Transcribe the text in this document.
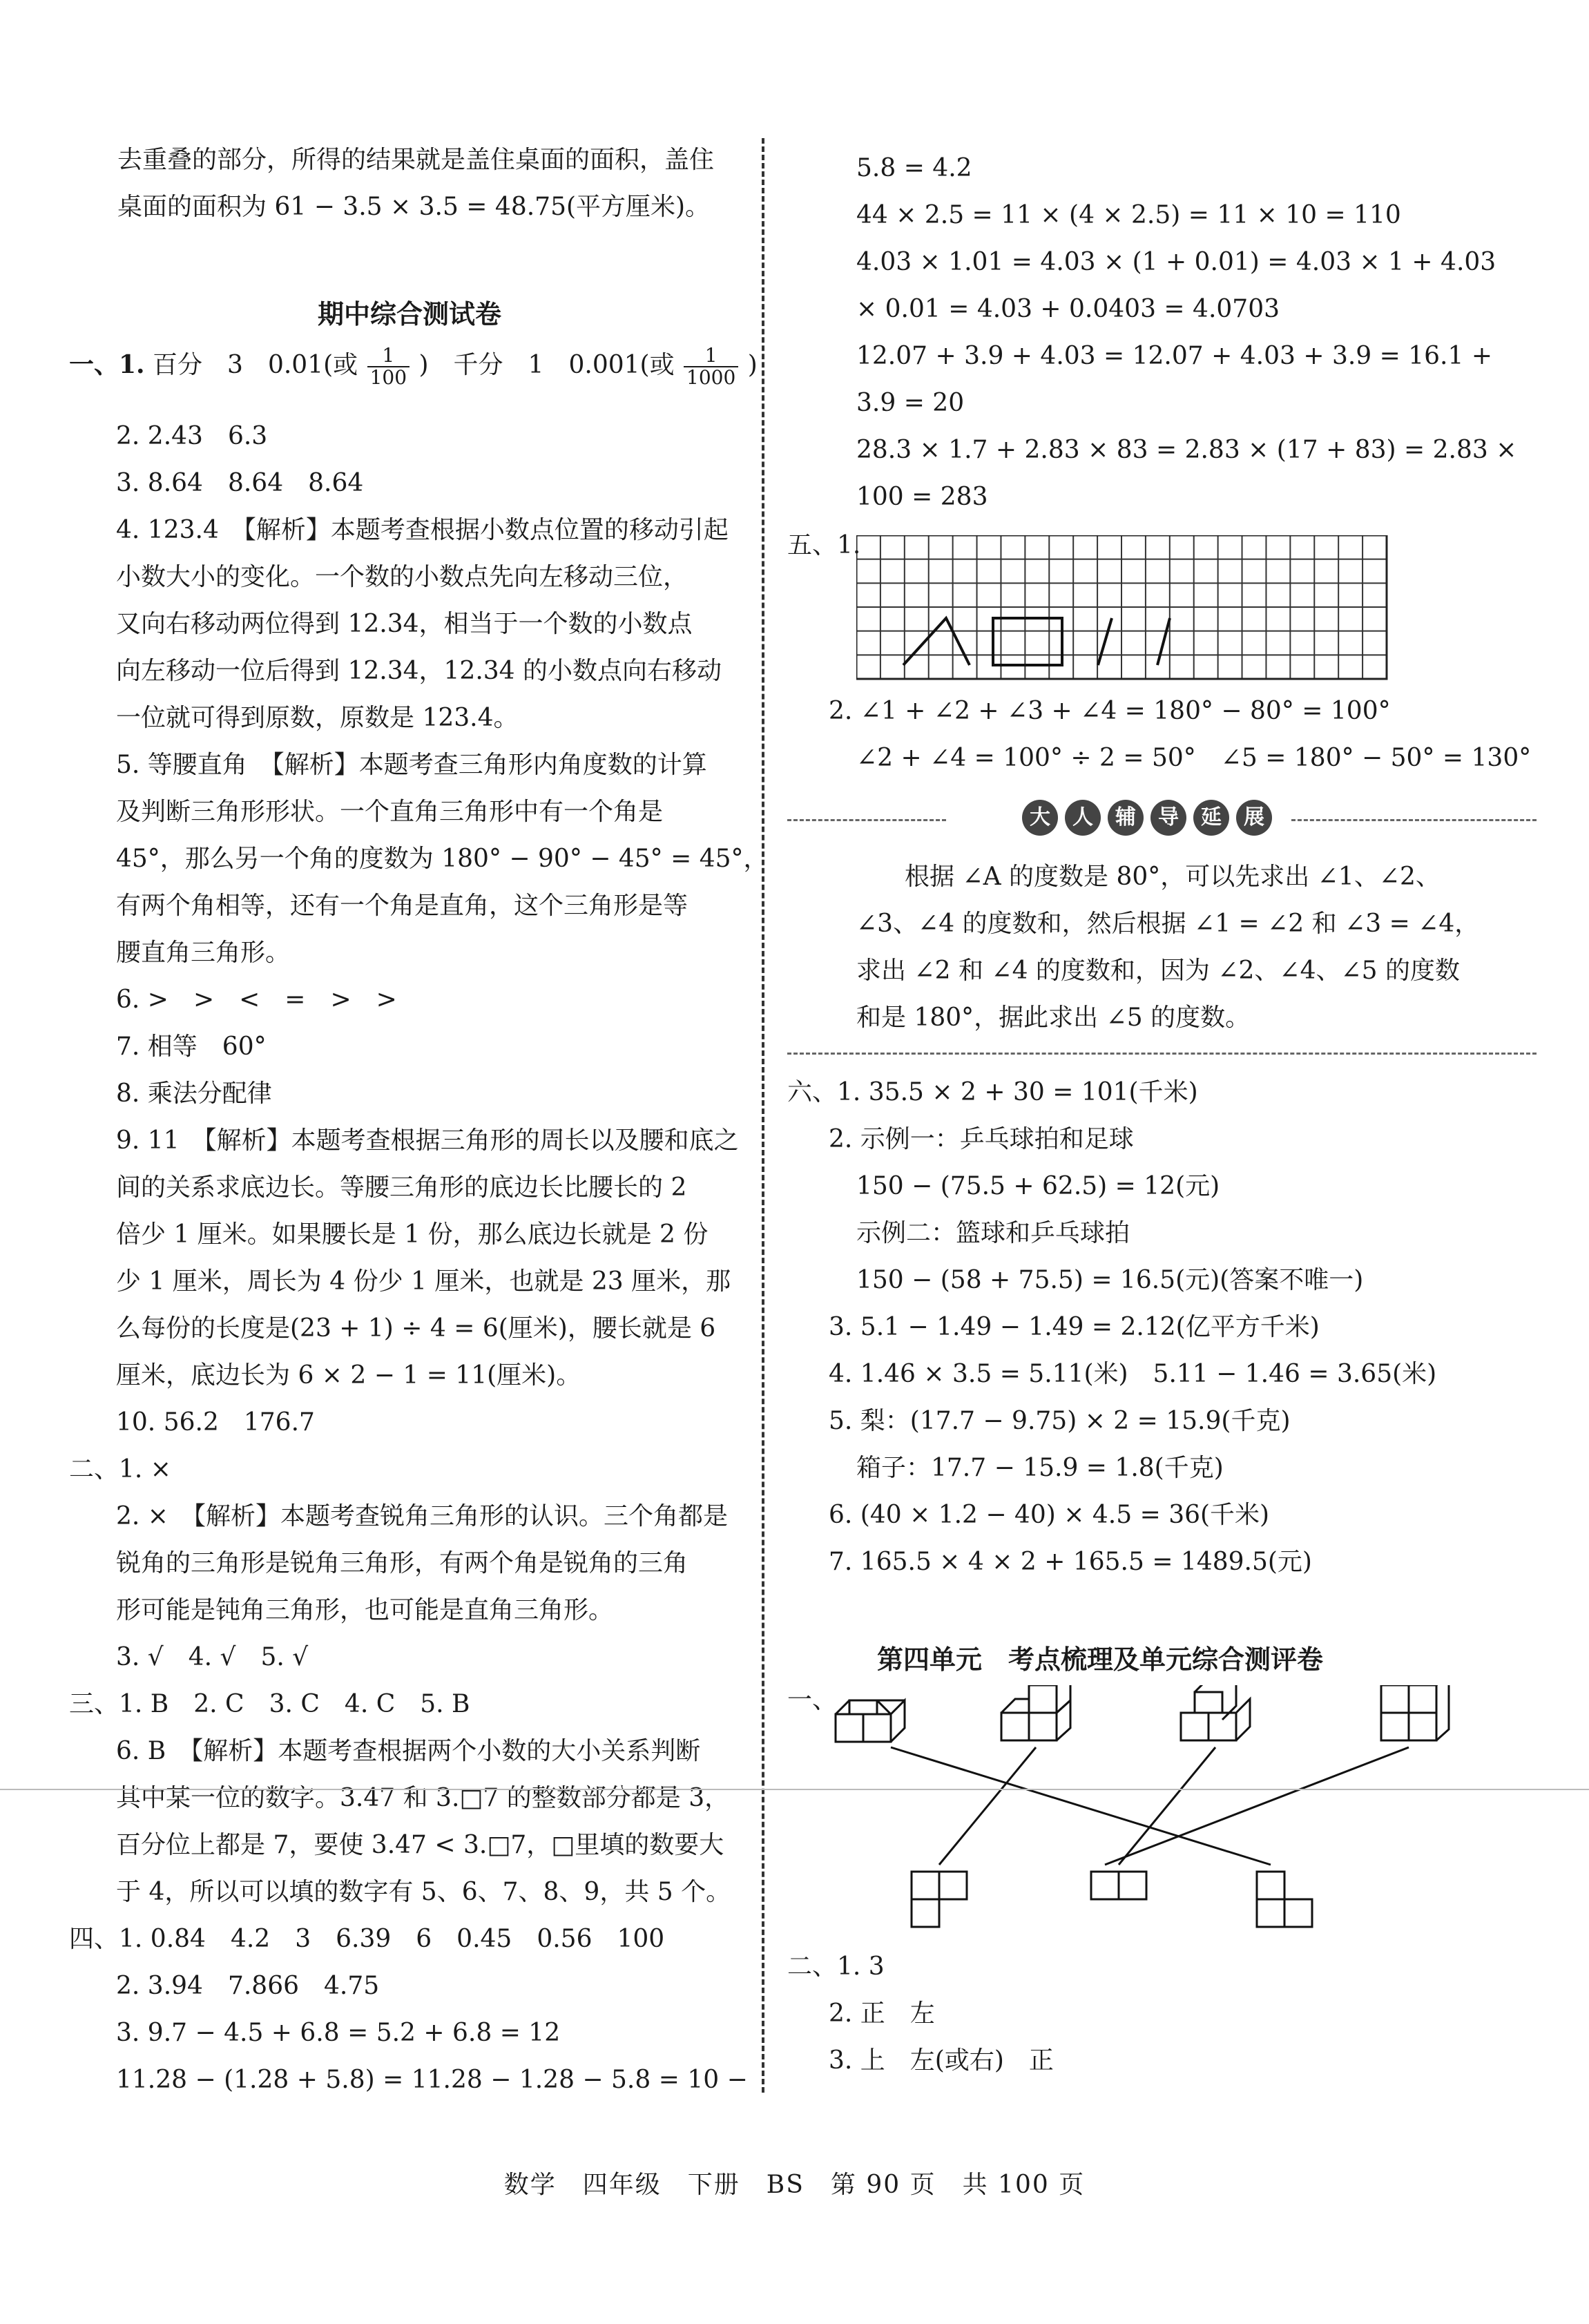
去重叠的部分，所得的结果就是盖住桌面的面积，盖住
桌面的面积为 61 − 3.5 × 3.5 = 48.75(平方厘米)。
期中综合测试卷
一、1. 百分　3　0.01(或 $\frac{1}{100}$ )　千分　1　0.001(或 $\frac{1}{1000}$ )
2. 2.43　6.3
3. 8.64　8.64　8.64
4. 123.4　【解析】本题考查根据小数点位置的移动引起
小数大小的变化。一个数的小数点先向左移动三位，
又向右移动两位得到 12.34，相当于一个数的小数点
向左移动一位后得到 12.34，12.34 的小数点向右移动
一位就可得到原数，原数是 123.4。
5. 等腰直角　【解析】本题考查三角形内角度数的计算
及判断三角形形状。一个直角三角形中有一个角是
45°，那么另一个角的度数为 180° − 90° − 45° = 45°，
有两个角相等，还有一个角是直角，这个三角形是等
腰直角三角形。
6. >　>　<　=　>　>
7. 相等　60°
8. 乘法分配律
9. 11　【解析】本题考查根据三角形的周长以及腰和底之
间的关系求底边长。等腰三角形的底边长比腰长的 2
倍少 1 厘米。如果腰长是 1 份，那么底边长就是 2 份
少 1 厘米，周长为 4 份少 1 厘米，也就是 23 厘米，那
么每份的长度是(23 + 1) ÷ 4 = 6(厘米)，腰长就是 6
厘米，底边长为 6 × 2 − 1 = 11(厘米)。
10. 56.2　176.7
二、1. ×
2. ×　【解析】本题考查锐角三角形的认识。三个角都是
锐角的三角形是锐角三角形，有两个角是锐角的三角
形可能是钝角三角形，也可能是直角三角形。
3. √　4. √　5. √
三、1. B　2. C　3. C　4. C　5. B
6. B　【解析】本题考查根据两个小数的大小关系判断
其中某一位的数字。3.47 和 3.□7 的整数部分都是 3，
百分位上都是 7，要使 3.47 < 3.□7，□里填的数要大
于 4，所以可以填的数字有 5、6、7、8、9，共 5 个。
四、1. 0.84　4.2　3　6.39　6　0.45　0.56　100
2. 3.94　7.866　4.75
3. 9.7 − 4.5 + 6.8 = 5.2 + 6.8 = 12
11.28 − (1.28 + 5.8) = 11.28 − 1.28 − 5.8 = 10 −
5.8 = 4.2
44 × 2.5 = 11 × (4 × 2.5) = 11 × 10 = 110
4.03 × 1.01 = 4.03 × (1 + 0.01) = 4.03 × 1 + 4.03
× 0.01 = 4.03 + 0.0403 = 4.0703
12.07 + 3.9 + 4.03 = 12.07 + 4.03 + 3.9 = 16.1 +
3.9 = 20
28.3 × 1.7 + 2.83 × 83 = 2.83 × (17 + 83) = 2.83 ×
100 = 283
五、1.
2. ∠1 + ∠2 + ∠3 + ∠4 = 180° − 80° = 100°
∠2 + ∠4 = 100° ÷ 2 = 50°　∠5 = 180° − 50° = 130°
大	人	辅	导	延	展
根据 ∠A 的度数是 80°，可以先求出 ∠1、∠2、
∠3、∠4 的度数和，然后根据 ∠1 = ∠2 和 ∠3 = ∠4，
求出 ∠2 和 ∠4 的度数和，因为 ∠2、∠4、∠5 的度数
和是 180°，据此求出 ∠5 的度数。
六、1. 35.5 × 2 + 30 = 101(千米)
2. 示例一：乒乓球拍和足球
150 − (75.5 + 62.5) = 12(元)
示例二：篮球和乒乓球拍
150 − (58 + 75.5) = 16.5(元)(答案不唯一)
3. 5.1 − 1.49 − 1.49 = 2.12(亿平方千米)
4. 1.46 × 3.5 = 5.11(米)　5.11 − 1.46 = 3.65(米)
5. 梨：(17.7 − 9.75) × 2 = 15.9(千克)
箱子：17.7 − 15.9 = 1.8(千克)
6. (40 × 1.2 − 40) × 4.5 = 36(千米)
7. 165.5 × 4 × 2 + 165.5 = 1489.5(元)
第四单元　考点梳理及单元综合测评卷
一、
二、1. 3
2. 正　左
3. 上　左(或右)　正
数学　四年级　下册　BS　第 90 页　共 100 页
